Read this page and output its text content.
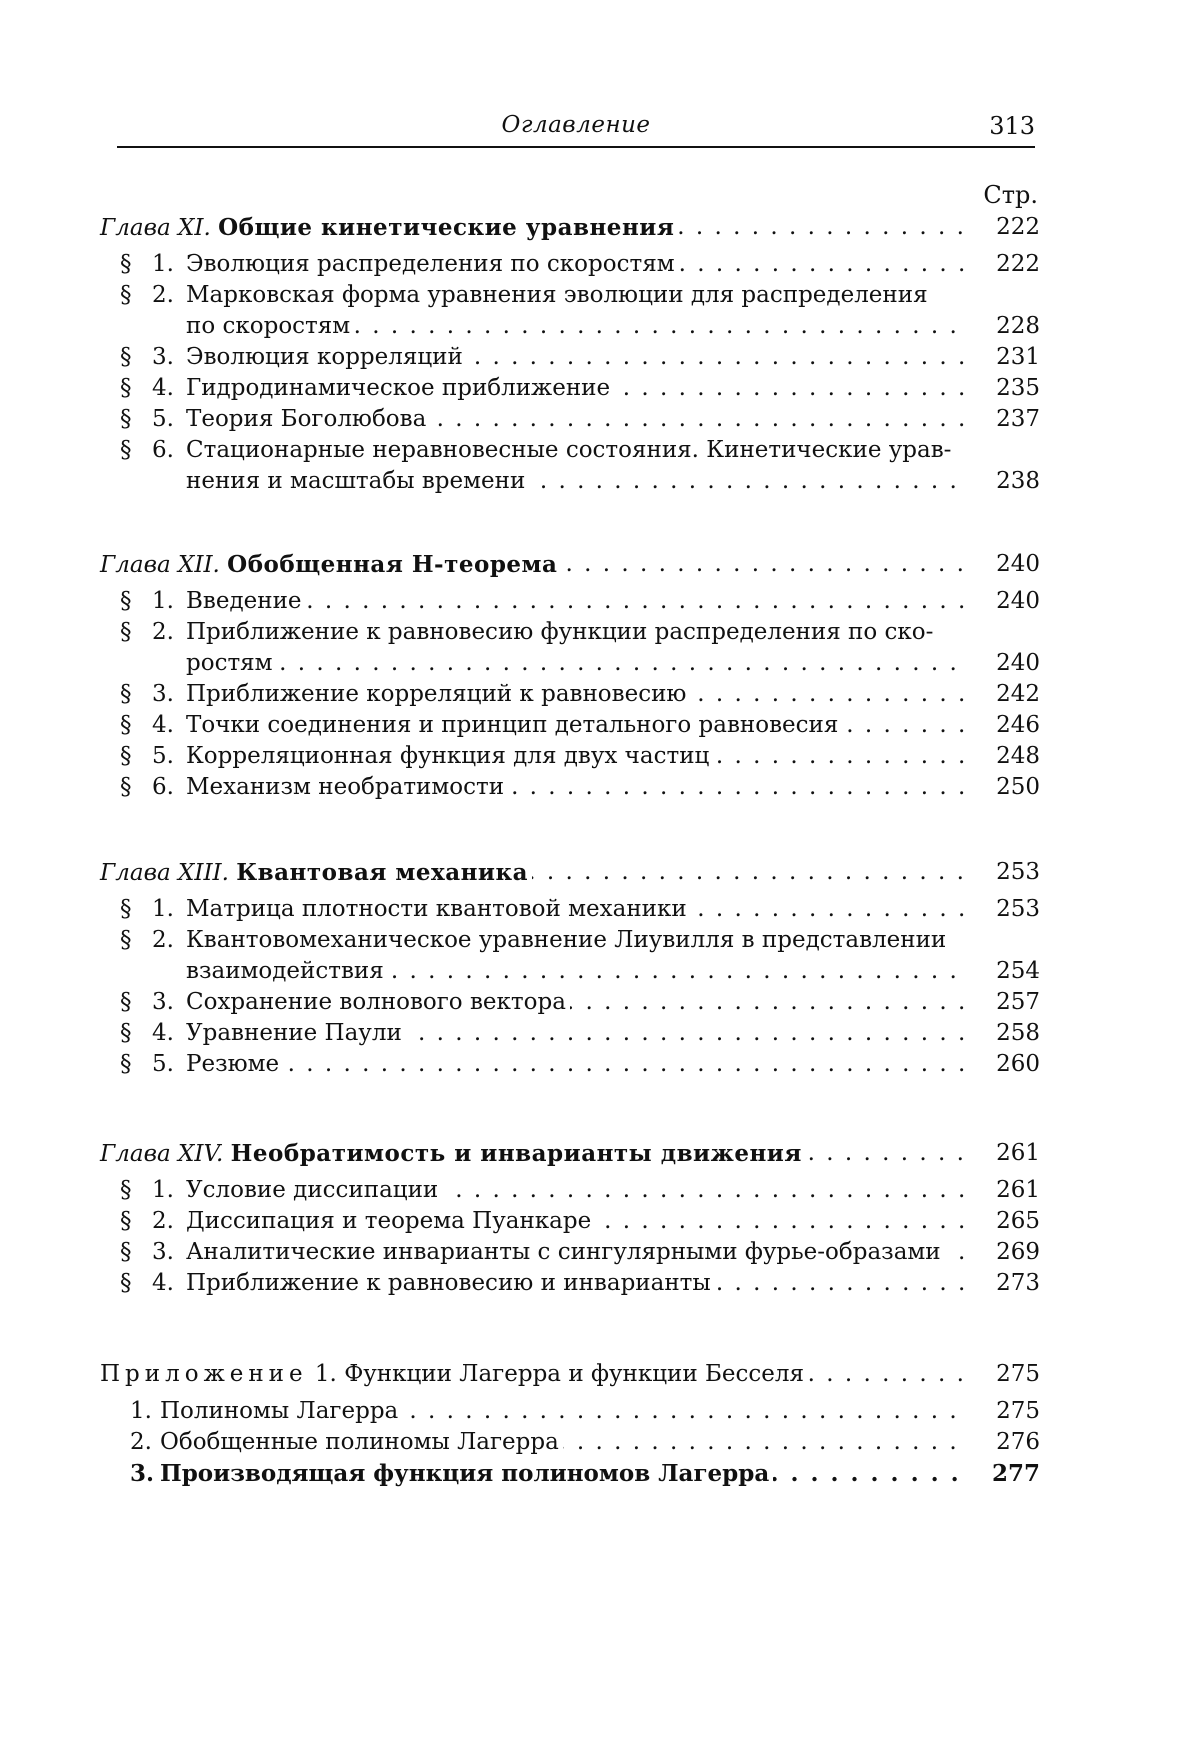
Оглавление	313
Стр.
. . .
Глава XI. Общие кинетические уравнения	222
. . .
§ 1. Эволюция распределения по скоростям	222
§ 2. Марковская форма уравнения эволюции для распределения
. . .
по скоростям	228
. . .
§ 3. Эволюция корреляций	231
. . .
§ 4. Гидродинамическое приближение	235
. . .
§ 5. Теория Боголюбова	237
§ 6. Стационарные неравновесные состояния. Кинетические урав-
. . .
нения и масштабы времени	238
. . .
Глава XII. Обобщенная H-теорема	240
. . .
§ 1. Введение	240
§ 2. Приближение к равновесию функции распределения по ско-
. . .
ростям	240
. . .
§ 3. Приближение корреляций к равновесию	242
. . .
§ 4. Точки соединения и принцип детального равновесия	246
. . .
§ 5. Корреляционная функция для двух частиц	248
. . .
§ 6. Механизм необратимости	250
. . .
Глава XIII. Квантовая механика	253
. . .
§ 1. Матрица плотности квантовой механики	253
§ 2. Квантовомеханическое уравнение Лиувилля в представлении
. . .
взаимодействия	254
. . .
§ 3. Сохранение волнового вектора	257
. . .
§ 4. Уравнение Паули	258
. . .
§ 5. Резюме	260
. . .
Глава XIV. Необратимость и инварианты движения	261
. . .
§ 1. Условие диссипации	261
. . .
§ 2. Диссипация и теорема Пуанкаре	265
. . .
§ 3. Аналитические инварианты с сингулярными фурье-образами	269
. . .
§ 4. Приближение к равновесию и инварианты	273
. . .
Приложение 1. Функции Лагерра и функции Бесселя	275
. . .
1. Полиномы Лагерра	275
. . .
2. Обобщенные полиномы Лагерра	276
. . .
3. Производящая функция полиномов Лагерра	277
